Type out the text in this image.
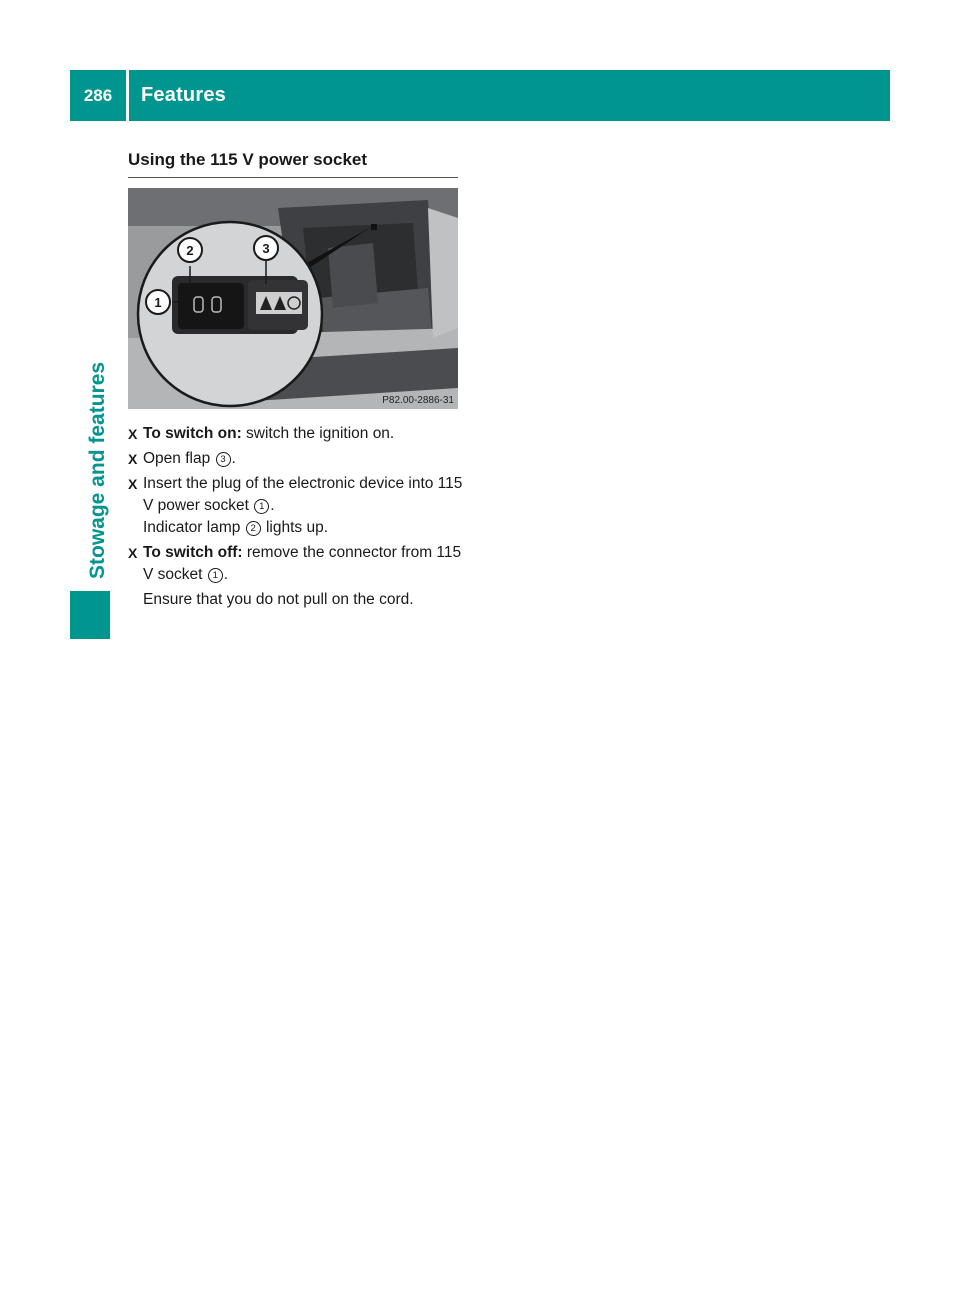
286	Features
Stowage and features
Using the 115 V power socket
2	3
1
P82.00-2886-31
X To switch on: switch the ignition on.
X Open flap 3 .
X Insert the plug of the electronic device into 115 V power socket 1 .
Indicator lamp 2 lights up.
X To switch off: remove the connector from 115 V socket 1 .
Ensure that you do not pull on the cord.
